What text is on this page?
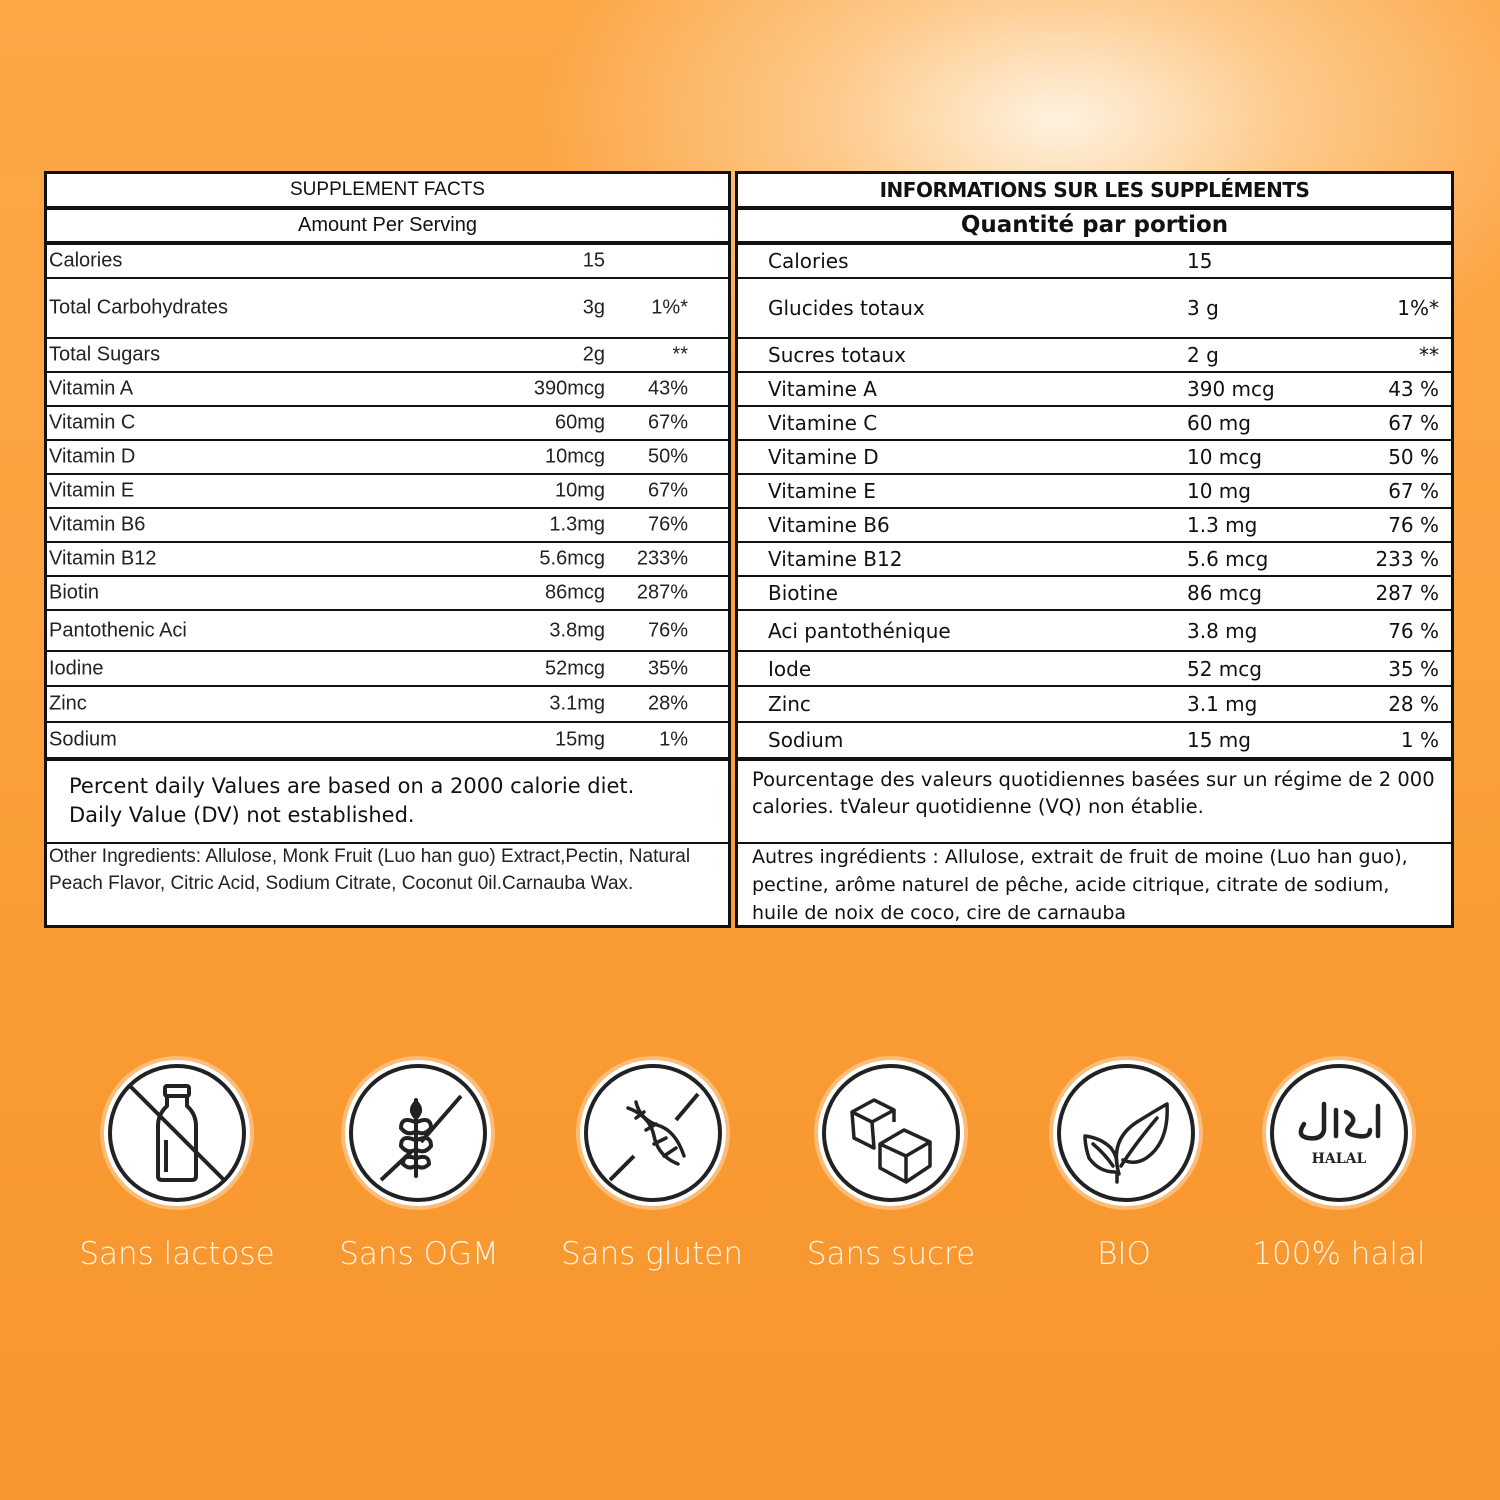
SUPPLEMENT FACTS
Amount Per Serving
Calories	15
Total Carbohydrates	3g 1%*
Total Sugars	2g	**
Vitamin A	390mcg 43%
Vitamin C	60mg 67%
Vitamin D	10mcg 50%
Vitamin E	10mg 67%
Vitamin B6	1.3mg 76%
Vitamin B12	5.6mcg 233%
Biotin	86mcg 287%
Pantothenic Aci	3.8mg 76%
Iodine	52mcg 35%
Zinc	3.1mg 28%
Sodium	15mg	1%

Percent daily Values are based on a 2000 calorie diet.

Daily Value (DV) not established.

Other Ingredients: Allulose, Monk Fruit (Luo han guo) Extract,Pectin, Natural Peach Flavor, Citric Acid, Sodium Citrate, Coconut 0il.Carnauba Wax.
INFORMATIONS SUR LES SUPPLÉMENTS
Quantité par portion
Calories	15
Glucides totaux	3 g	1%*
Sucres totaux	2 g	**
Vitamine A	390 mcg	43 %
Vitamine C	60 mg	67 %
Vitamine D	10 mcg	50 %
Vitamine E	10 mg	67 %
Vitamine B6	1.3 mg	76 %
Vitamine B12	5.6 mcg	233 %
Biotine	86 mcg	287 %
Aci pantothénique	3.8 mg	76 %
Iode	52 mcg	35 %
Zinc	3.1 mg	28 %
Sodium	15 mg	1 %

Pourcentage des valeurs quotidiennes basées sur un régime de 2 000 calories. tValeur quotidienne (VQ) non établie.

Autres ingrédients : Allulose, extrait de fruit de moine (Luo han guo), pectine, arôme naturel de pêche, acide citrique, citrate de sodium, huile de noix de coco, cire de carnauba
HALAL
Sans lactose	Sans OGM	Sans gluten	Sans sucre	BIO	100% halal
